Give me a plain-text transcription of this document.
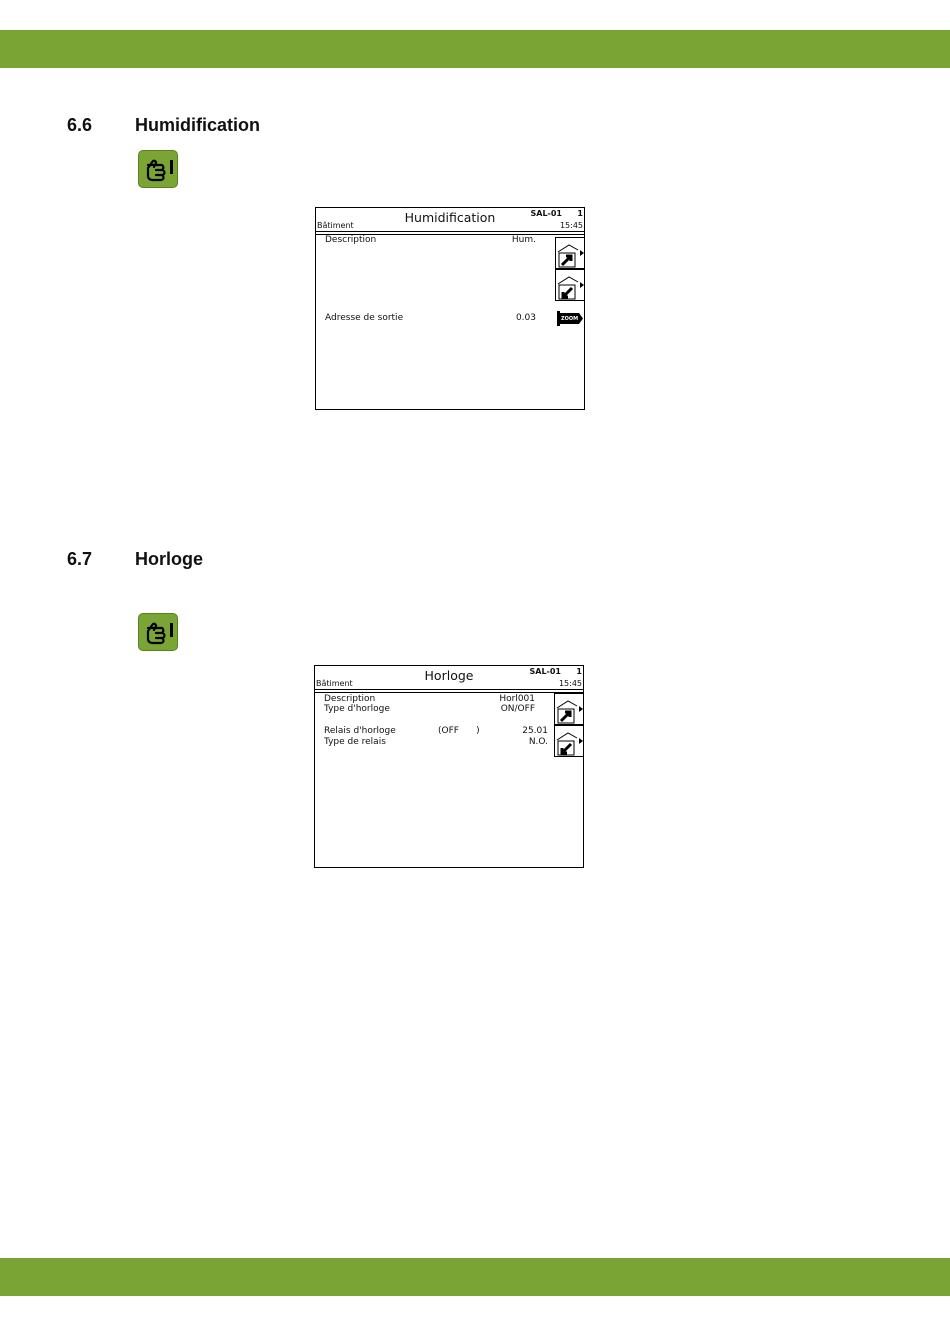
6.6 Humidification
Humidification	SAL-01 1
Bâtiment	15:45
Description	Hum.
Adresse de sortie	0.03	ZOOM
6.7 Horloge
Horloge	SAL-01 1
Bâtiment	15:45
Description	Horl001
Type d'horloge	ON/OFF
Relais d'horloge	(OFF      )	25.01
Type de relais	N.O.
